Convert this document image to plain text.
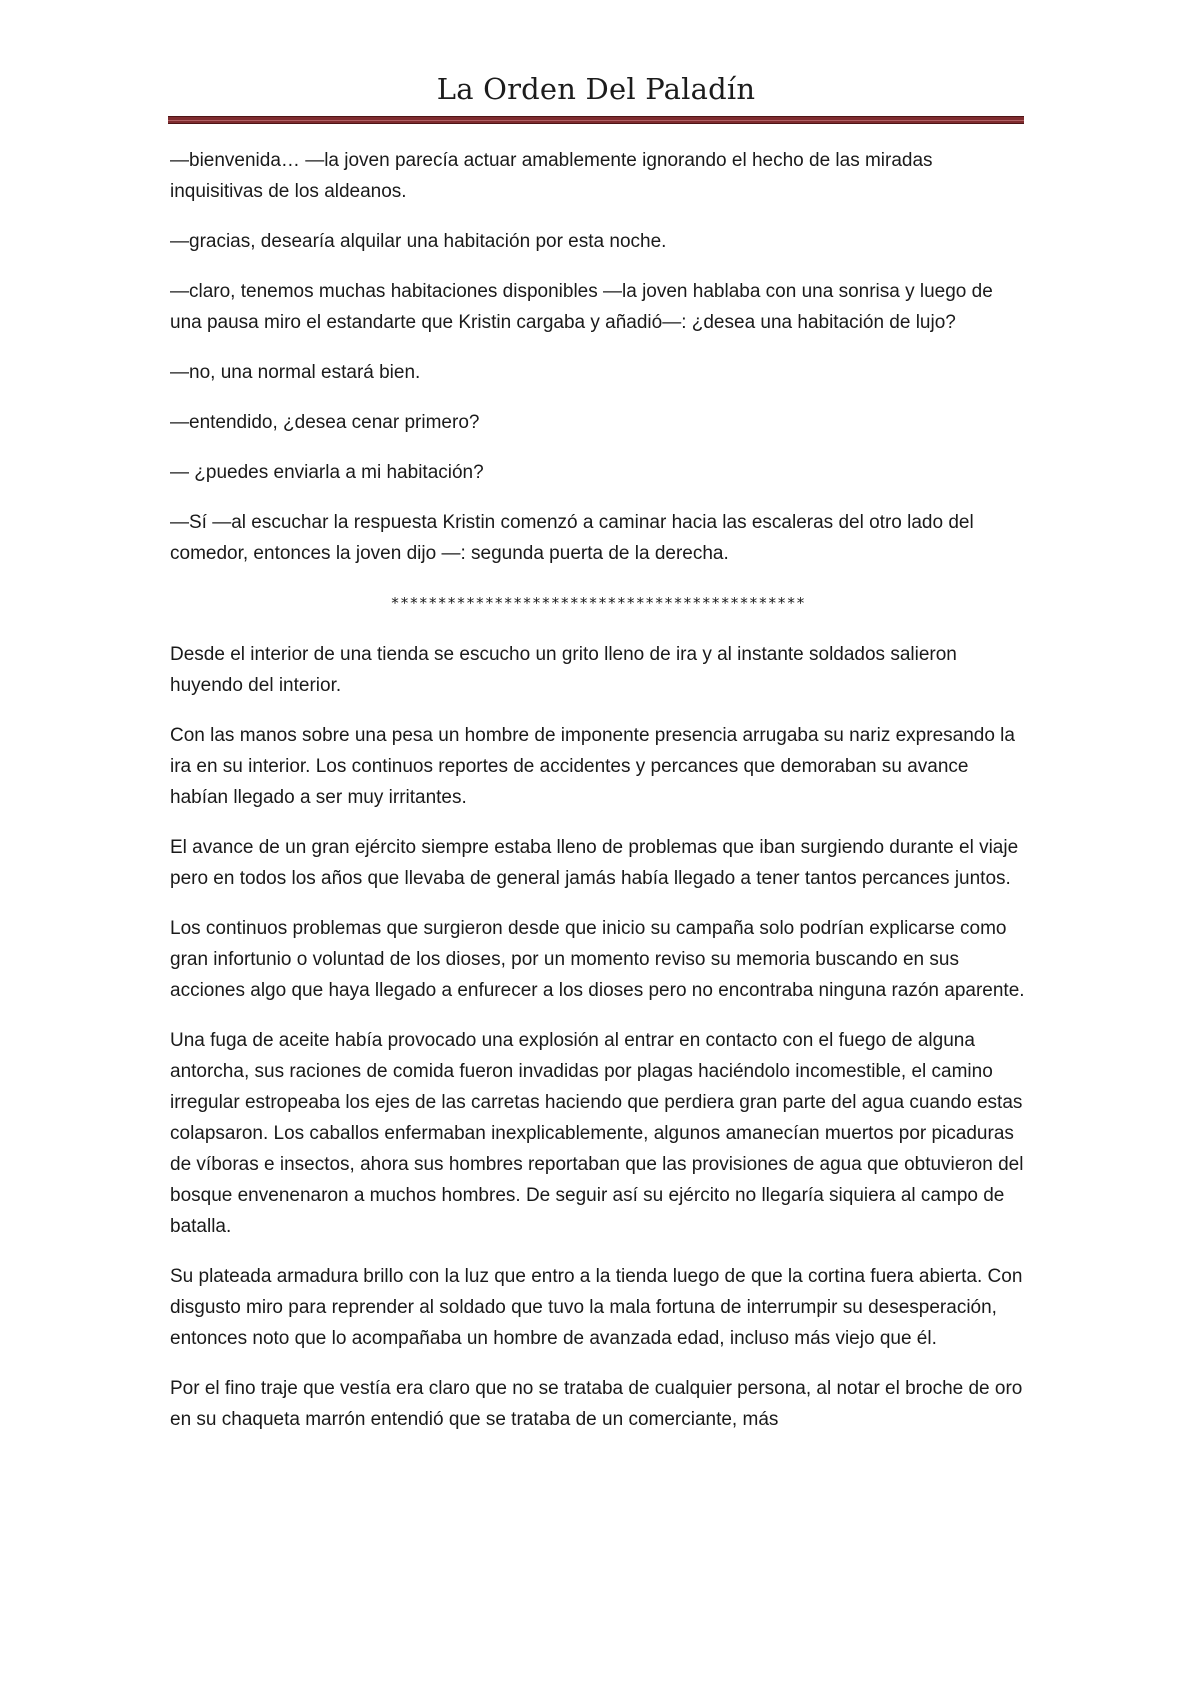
La Orden Del Paladín

—bienvenida… —la joven parecía actuar amablemente ignorando el hecho de las miradas inquisitivas de los aldeanos.

—gracias, desearía alquilar una habitación por esta noche.

—claro, tenemos muchas habitaciones disponibles —la joven hablaba con una sonrisa y luego de una pausa miro el estandarte que Kristin cargaba y añadió—: ¿desea una habitación de lujo?

—no, una normal estará bien.

—entendido, ¿desea cenar primero?

— ¿puedes enviarla a mi habitación?

—Sí —al escuchar la respuesta Kristin comenzó a caminar hacia las escaleras del otro lado del comedor, entonces la joven dijo —: segunda puerta de la derecha.

********************************************

Desde el interior de una tienda se escucho un grito lleno de ira y al instante soldados salieron huyendo del interior.

Con las manos sobre una pesa un hombre de imponente presencia arrugaba su nariz expresando la ira en su interior. Los continuos reportes de accidentes y percances que demoraban su avance habían llegado a ser muy irritantes.

El avance de un gran ejército siempre estaba lleno de problemas que iban surgiendo durante el viaje pero en todos los años que llevaba de general jamás había llegado a tener tantos percances juntos.

Los continuos problemas que surgieron desde que inicio su campaña solo podrían explicarse como gran infortunio o voluntad de los dioses, por un momento reviso su memoria buscando en sus acciones algo que haya llegado a enfurecer a los dioses pero no encontraba ninguna razón aparente.

Una fuga de aceite había provocado una explosión al entrar en contacto con el fuego de alguna antorcha, sus raciones de comida fueron invadidas por plagas haciéndolo incomestible, el camino irregular estropeaba los ejes de las carretas haciendo que perdiera gran parte del agua cuando estas colapsaron. Los caballos enfermaban inexplicablemente, algunos amanecían muertos por picaduras de víboras e insectos, ahora sus hombres reportaban que las provisiones de agua que obtuvieron del bosque envenenaron a muchos hombres. De seguir así su ejército no llegaría siquiera al campo de batalla.

Su plateada armadura brillo con la luz que entro a la tienda luego de que la cortina fuera abierta. Con disgusto miro para reprender al soldado que tuvo la mala fortuna de interrumpir su desesperación, entonces noto que lo acompañaba un hombre de avanzada edad, incluso más viejo que él.

Por el fino traje que vestía era claro que no se trataba de cualquier persona, al notar el broche de oro en su chaqueta marrón entendió que se trataba de un comerciante, más
